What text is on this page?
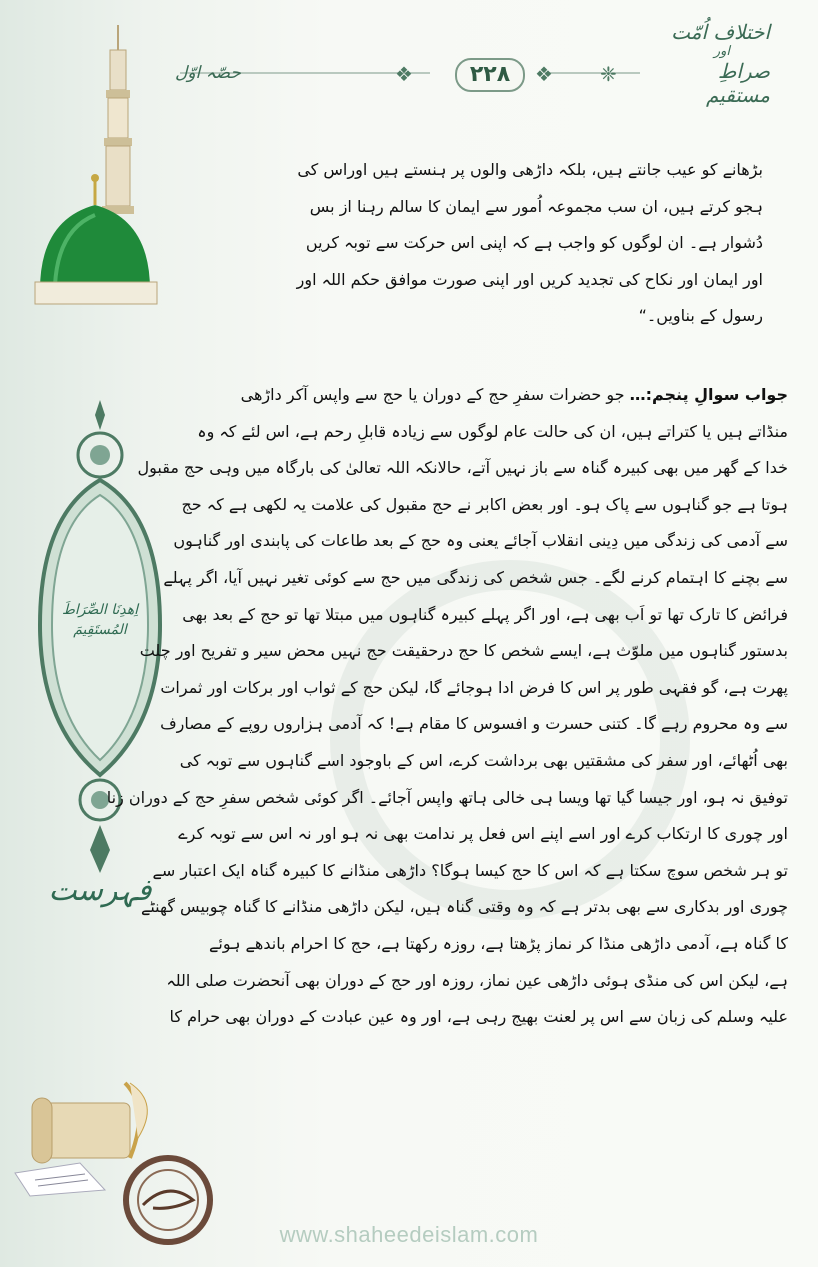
❖	❖ ❈
۲۲۸
اختلاف اُمّت
اور
صراطِ مستقیم
حصّہ اوّل
اِهدِنَا الصِّرَاطَ المُستَقِيمَ
فہرست
بڑھانے کو عیب جانتے ہیں، بلکہ داڑھی والوں پر ہنستے ہیں اوراس کی
ہجو کرتے ہیں، ان سب مجموعہ اُمور سے ایمان کا سالم رہنا از بس
دُشوار ہے۔ ان لوگوں کو واجب ہے کہ اپنی اس حرکت سے توبہ کریں
اور ایمان اور نکاح کی تجدید کریں اور اپنی صورت موافق حکم اللہ اور
رسول کے بناویں۔“
جواب سوالِ پنجم:… جو حضرات سفرِ حج کے دوران یا حج سے واپس آکر داڑھی
منڈاتے ہیں یا کتراتے ہیں، ان کی حالت عام لوگوں سے زیادہ قابلِ رحم ہے، اس لئے کہ وہ
خدا کے گھر میں بھی کبیرہ گناہ سے باز نہیں آتے، حالانکہ اللہ تعالیٰ کی بارگاہ میں وہی حج مقبول
ہوتا ہے جو گناہوں سے پاک ہو۔ اور بعض اکابر نے حج مقبول کی علامت یہ لکھی ہے کہ حج
سے آدمی کی زندگی میں دِینی انقلاب آجائے یعنی وہ حج کے بعد طاعات کی پابندی اور گناہوں
سے بچنے کا اہتمام کرنے لگے۔ جس شخص کی زندگی میں حج سے کوئی تغیر نہیں آیا، اگر پہلے
فرائض کا تارک تھا تو اَب بھی ہے، اور اگر پہلے کبیرہ گناہوں میں مبتلا تھا تو حج کے بعد بھی
بدستور گناہوں میں ملوّث ہے، ایسے شخص کا حج درحقیقت حج نہیں محض سیر و تفریح اور چلت
پھرت ہے، گو فقہی طور پر اس کا فرض ادا ہوجائے گا، لیکن حج کے ثواب اور برکات اور ثمرات
سے وہ محروم رہے گا۔ کتنی حسرت و افسوس کا مقام ہے! کہ آدمی ہزاروں روپے کے مصارف
بھی اُٹھائے، اور سفر کی مشقتیں بھی برداشت کرے، اس کے باوجود اسے گناہوں سے توبہ کی
توفیق نہ ہو، اور جیسا گیا تھا ویسا ہی خالی ہاتھ واپس آجائے۔ اگر کوئی شخص سفرِ حج کے دوران زنا
اور چوری کا ارتکاب کرے اور اسے اپنے اس فعل پر ندامت بھی نہ ہو اور نہ اس سے توبہ کرے
تو ہر شخص سوچ سکتا ہے کہ اس کا حج کیسا ہوگا؟ داڑھی منڈانے کا کبیرہ گناہ ایک اعتبار سے
چوری اور بدکاری سے بھی بدتر ہے کہ وہ وقتی گناہ ہیں، لیکن داڑھی منڈانے کا گناہ چوبیس گھنٹے
کا گناہ ہے، آدمی داڑھی منڈا کر نماز پڑھتا ہے، روزہ رکھتا ہے، حج کا احرام باندھے ہوئے
ہے، لیکن اس کی منڈی ہوئی داڑھی عین نماز، روزہ اور حج کے دوران بھی آنحضرت صلی اللہ
علیہ وسلم کی زبان سے اس پر لعنت بھیج رہی ہے، اور وہ عین عبادت کے دوران بھی حرام کا
www.shaheedeislam.com
